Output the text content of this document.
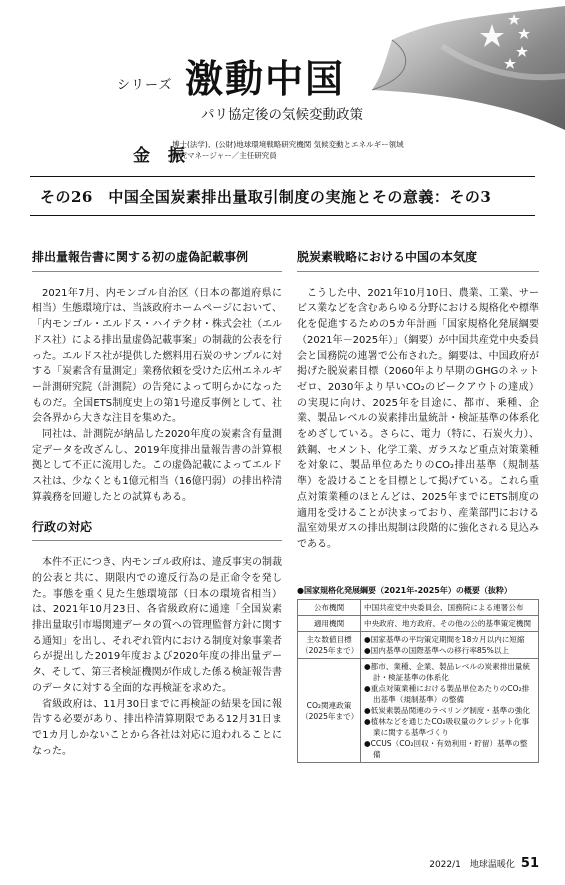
シリーズ 激動中国
パリ協定後の気候変動政策
金 振
博士(法学)、(公財)地球環境戦略研究機関 気候変動とエネルギー領域
研究マネージャー／主任研究員
その26　中国全国炭素排出量取引制度の実施とその意義：その3
排出量報告書に関する初の虚偽記載事例

2021年7月、内モンゴル自治区（日本の都道府県に相当）生態環境庁は、当該政府ホームページにおいて、「内モンゴル・エルドス・ハイテク材・株式会社（エルドス社）による排出量虚偽記載事案」の制裁的公表を行った。エルドス社が提供した燃料用石炭のサンプルに対する「炭素含有量測定」業務依頼を受けた広州エネルギー計測研究院（計測院）の告発によって明らかになったものだ。全国ETS制度史上の第1号違反事例として、社会各界から大きな注目を集めた。

同社は、計測院が納品した2020年度の炭素含有量測定データを改ざんし、2019年度排出量報告書の計算根拠として不正に流用した。この虚偽記載によってエルドス社は、少なくとも1億元相当（16億円弱）の排出枠清算義務を回避したとの試算もある。

行政の対応

本件不正につき、内モンゴル政府は、違反事実の制裁的公表と共に、期限内での違反行為の是正命令を発した。事態を重く見た生態環境部（日本の環境省相当）は、2021年10月23日、各省級政府に通達「全国炭素排出量取引市場関連データの質への管理監督方針に関する通知」を出し、それぞれ管内における制度対象事業者らが提出した2019年度および2020年度の排出量データ、そして、第三者検証機関が作成した係る検証報告書のデータに対する全面的な再検証を求めた。

省級政府は、11月30日までに再検証の結果を国に報告する必要があり、排出枠清算期限である12月31日まで1カ月しかないことから各社は対応に追われることになった。

脱炭素戦略における中国の本気度

こうした中、2021年10月10日、農業、工業、サービス業などを含むあらゆる分野における規格化や標準化を促進するための5カ年計画「国家規格化発展綱要（2021年－2025年）」（綱要）が中国共産党中央委員会と国務院の連署で公布された。綱要は、中国政府が掲げた脱炭素目標（2060年より早期のGHGのネットゼロ、2030年より早いCO₂のピークアウトの達成）の実現に向け、2025年を目途に、都市、乗種、企業、製品レベルの炭素排出量統計・検証基準の体系化をめざしている。さらに、電力（特に、石炭火力）、鉄鋼、セメント、化学工業、ガラスなど重点対策業種を対象に、製品単位あたりのCO₂排出基準（規制基準）を設けることを目標として掲げている。これら重点対策業種のほとんどは、2025年までにETS制度の適用を受けることが決まっており、産業部門における温室効果ガスの排出規制は段階的に強化される見込みである。

●国家規格化発展綱要（2021年-2025年）の概要（抜粋）
公布機関	中国共産党中央委員会、国務院による連署公布
適用機関	中央政府、地方政府、その他の公的基準策定機関
主な数値目標（2025年まで）	●国家基準の平均策定期間を18カ月以内に短縮
●国内基準の国際基準への移行率85%以上

CO₂関連政策（2025年まで）	●都市、業種、企業、製品レベルの炭素排出量統計・検証基準の体系化
●重点対策業種における製品単位あたりのCO₂排出基準（規制基準）の整備
●低炭素製品関連のラベリング制度・基準の強化
●植林などを通じたCO₂吸収量のクレジット化事業に関する基準づくり
●CCUS（CO₂回収・有効利用・貯留）基準の整備
2022/1　地球温暖化 51
